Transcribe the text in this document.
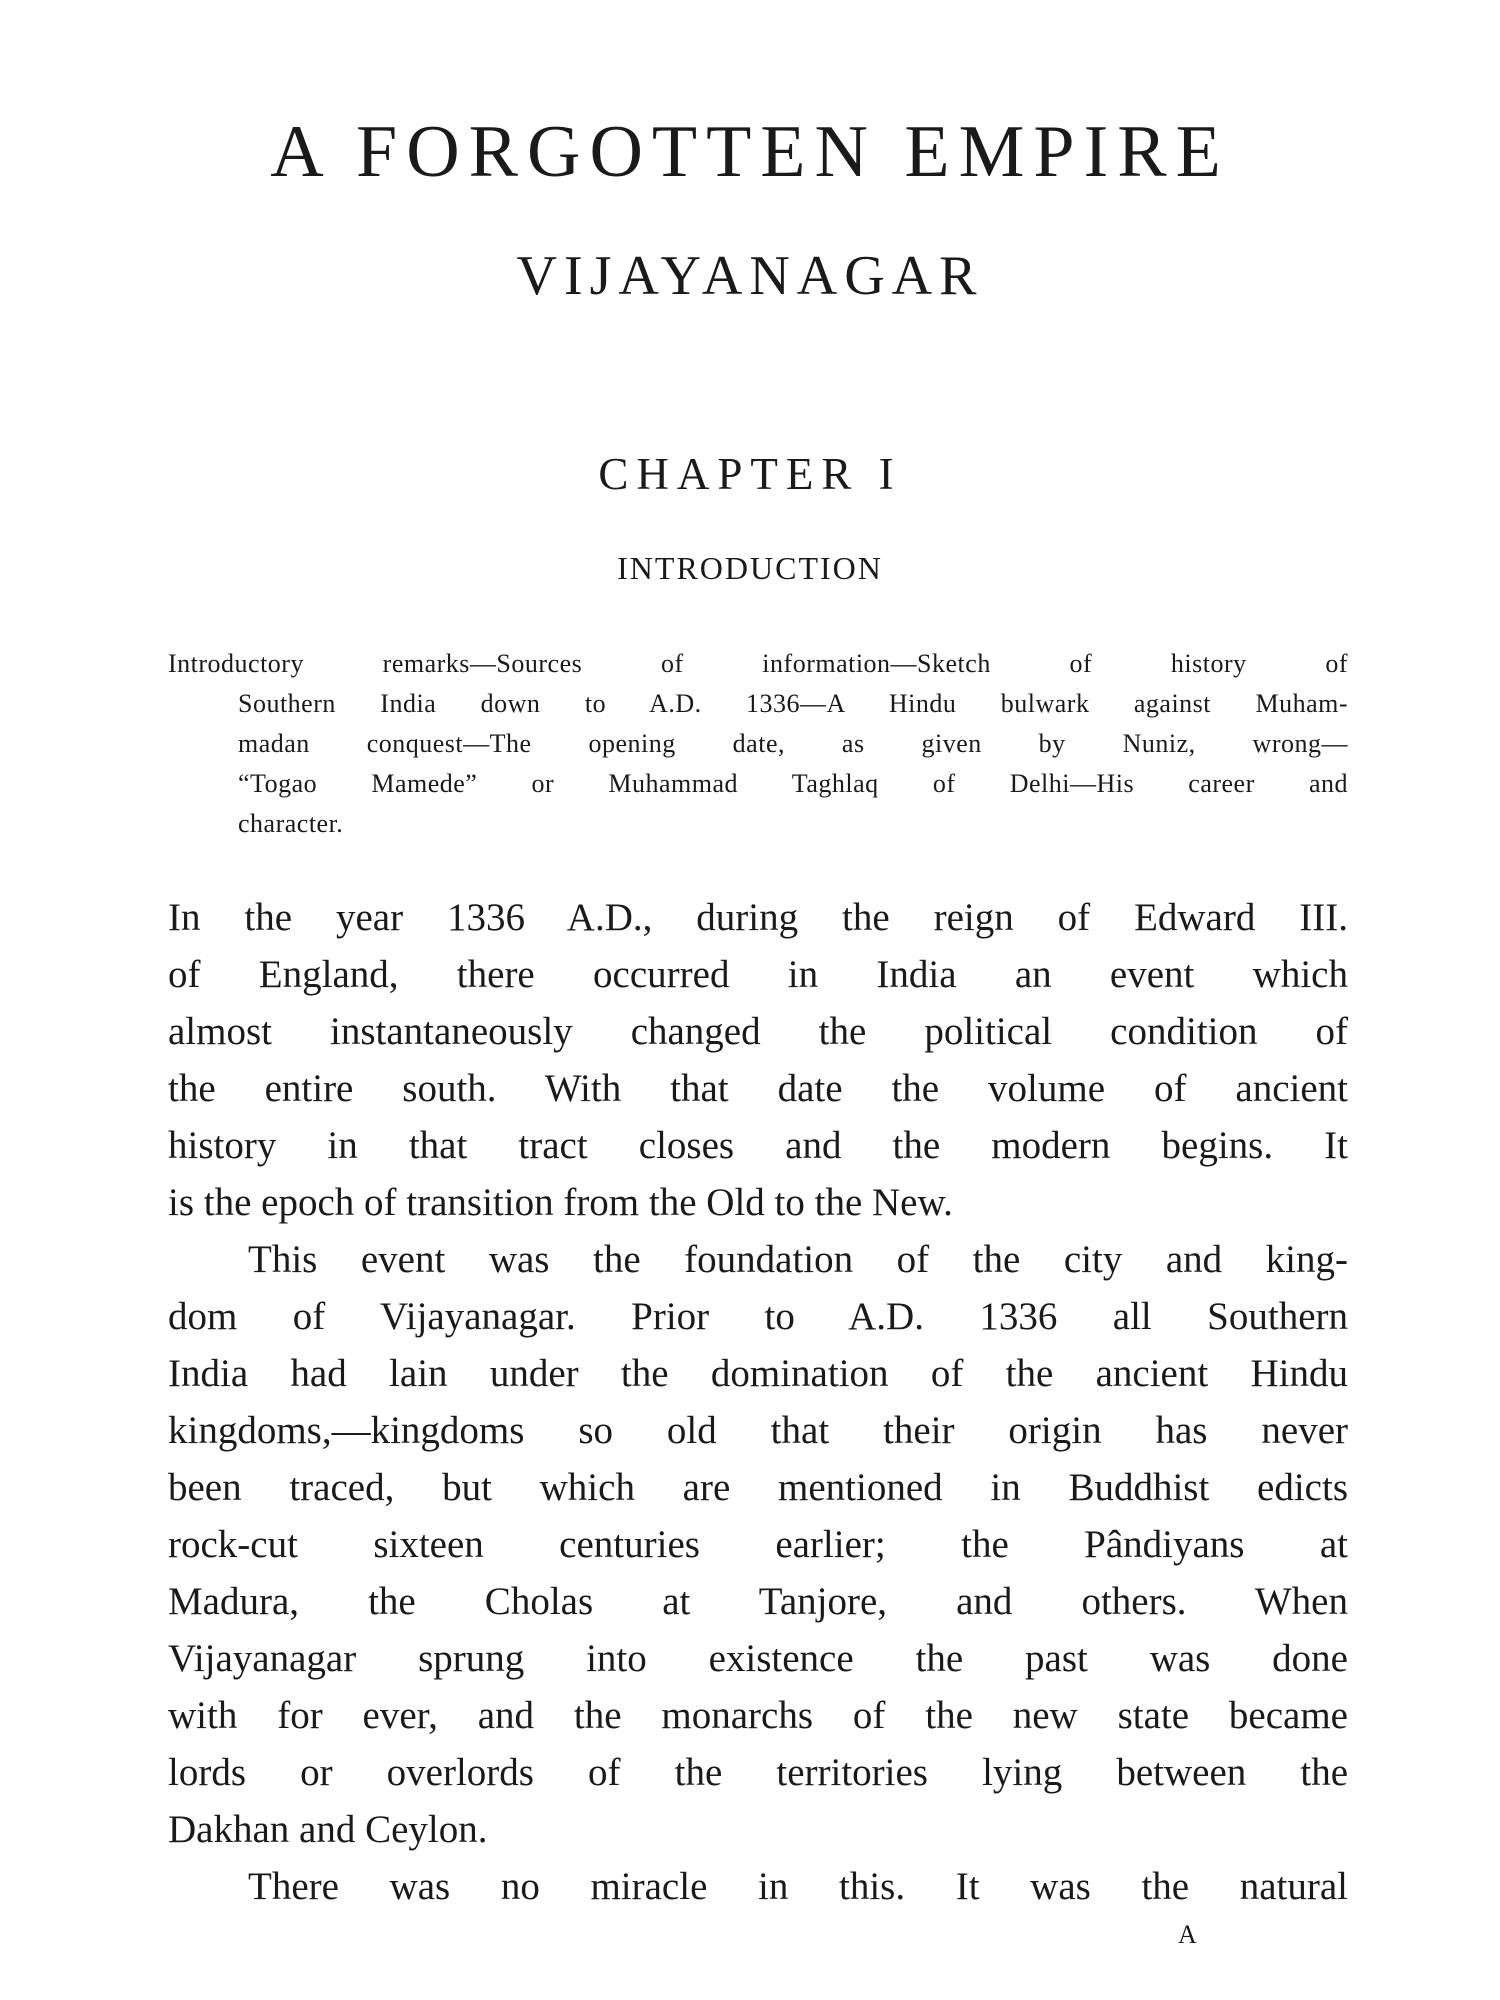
A FORGOTTEN EMPIRE
VIJAYANAGAR
CHAPTER I
INTRODUCTION
Introductory remarks—Sources of information—Sketch of history of
Southern India down to A.D. 1336—A Hindu bulwark against Muham-
madan conquest—The opening date, as given by Nuniz, wrong—
“Togao Mamede” or Muhammad Taghlaq of Delhi—His career and
character.
In the year 1336 A.D., during the reign of Edward III.
of England, there occurred in India an event which
almost instantaneously changed the political condition of
the entire south. With that date the volume of ancient
history in that tract closes and the modern begins. It
is the epoch of transition from the Old to the New.
This event was the foundation of the city and king-
dom of Vijayanagar. Prior to A.D. 1336 all Southern
India had lain under the domination of the ancient Hindu
kingdoms,—kingdoms so old that their origin has never
been traced, but which are mentioned in Buddhist edicts
rock-cut sixteen centuries earlier; the Pândiyans at
Madura, the Cholas at Tanjore, and others. When
Vijayanagar sprung into existence the past was done
with for ever, and the monarchs of the new state became
lords or overlords of the territories lying between the
Dakhan and Ceylon.
There was no miracle in this. It was the natural
A
